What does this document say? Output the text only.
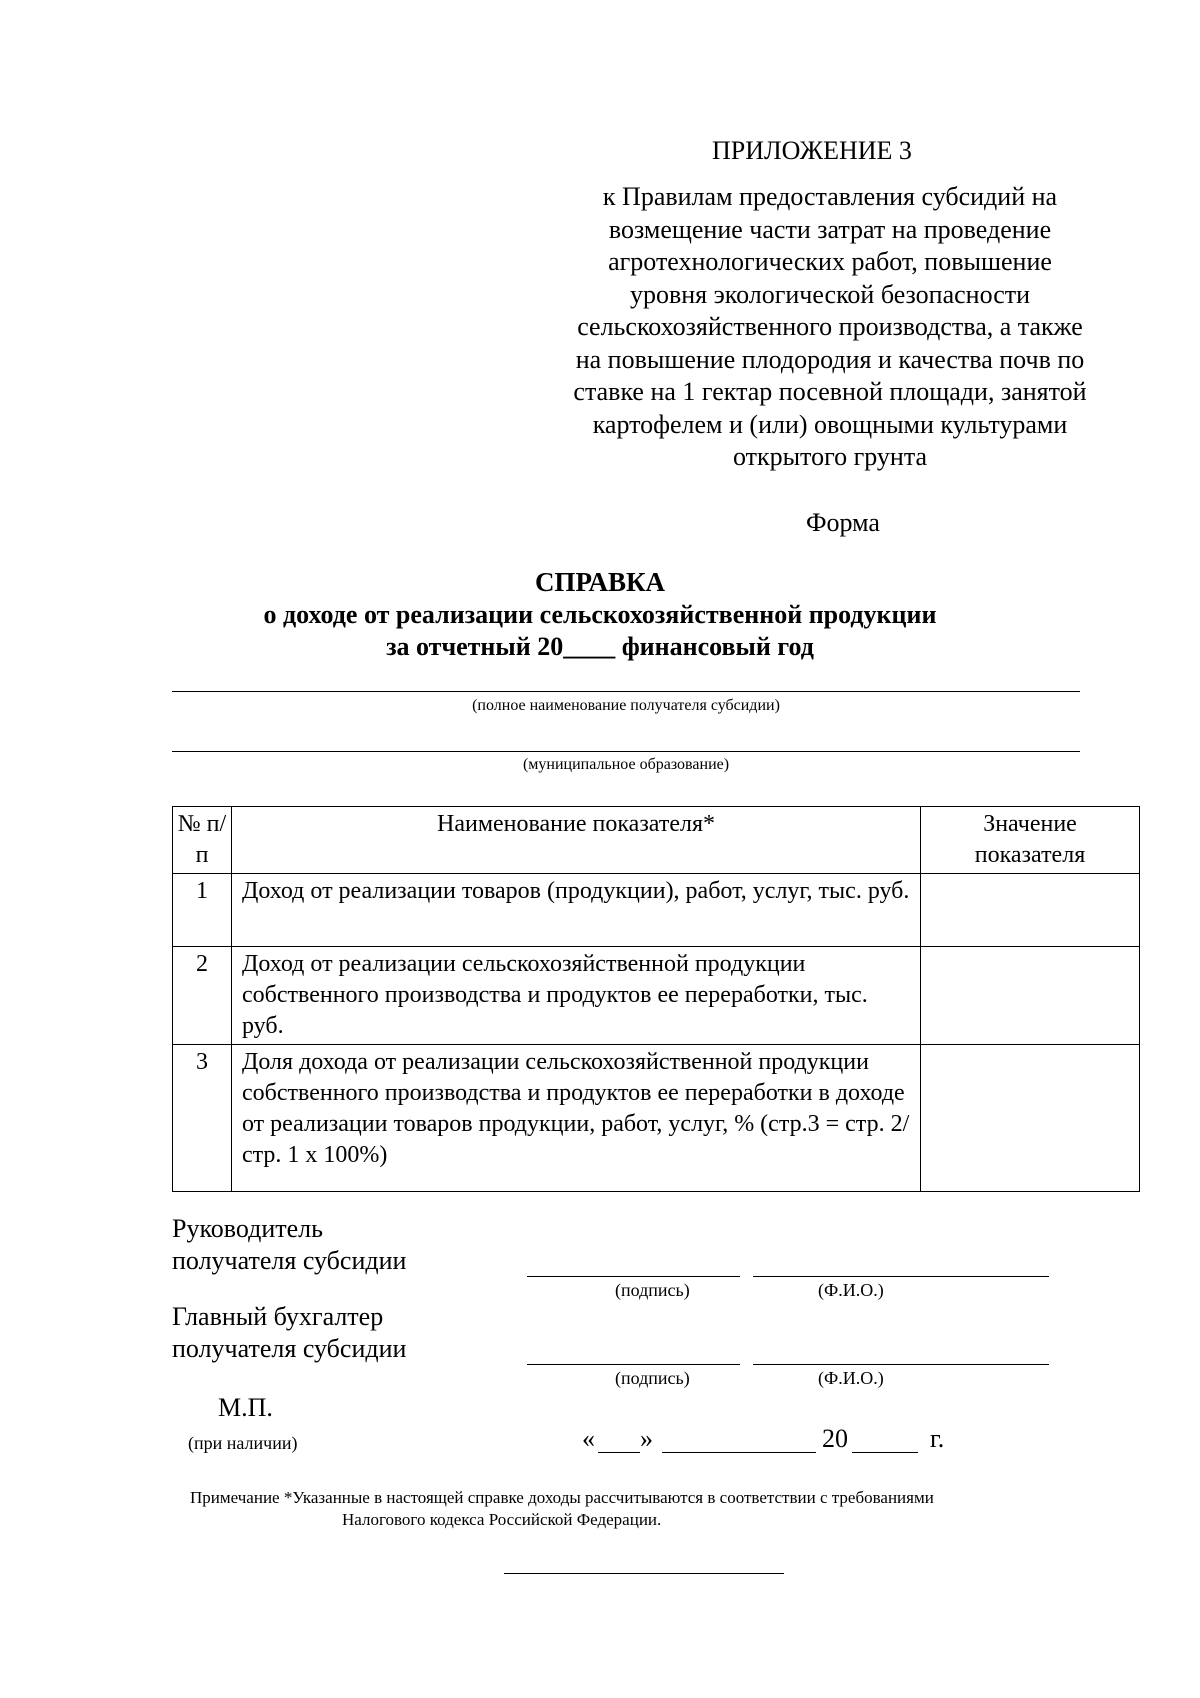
ПРИЛОЖЕНИЕ 3
к Правилам предоставления субсидий на
возмещение части затрат на проведение
агротехнологических работ, повышение
уровня экологической безопасности
сельскохозяйственного производства, а также
на повышение плодородия и качества почв по
ставке на 1 гектар посевной площади, занятой
картофелем и (или) овощными культурами
открытого грунта
Форма
СПРАВКА
о доходе от реализации сельскохозяйственной продукции
за отчетный 20____ финансовый год
(полное наименование получателя субсидии)
(муниципальное образование)
№ п/п	Наименование показателя*	Значение показателя
1	Доход от реализации товаров (продукции), работ, услуг, тыс. руб.	
2	Доход от реализации сельскохозяйственной продукции собственного производства и продуктов ее переработки, тыс. руб.	
3	Доля дохода от реализации сельскохозяйственной продукции собственного производства и продуктов ее переработки в доходе от реализации товаров продукции, работ, услуг, % (стр.3 = стр. 2/стр. 1 x 100%)	
Руководитель
получателя субсидии
(подпись)	(Ф.И.О.)
Главный бухгалтер
получателя субсидии
(подпись)	(Ф.И.О.)
М.П.
(при наличии)	« »	20	г.
Примечание *Указанные в настоящей справке доходы рассчитываются в соответствии с требованиями
Налогового кодекса Российской Федерации.
